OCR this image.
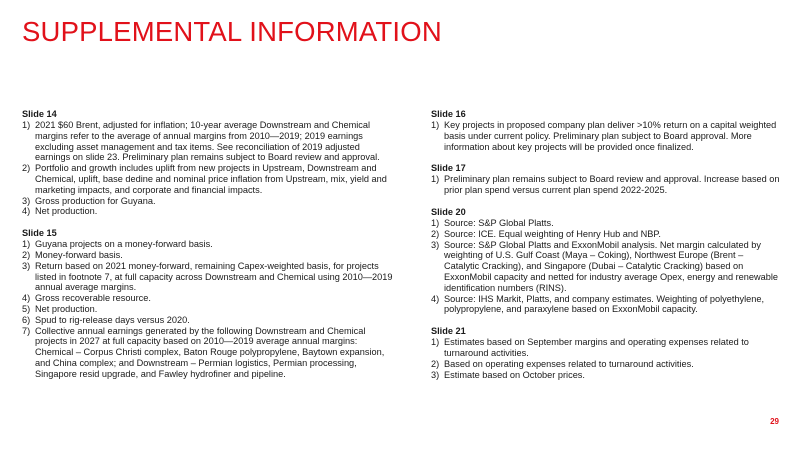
SUPPLEMENTAL INFORMATION
Slide 14
1) 2021 $60 Brent, adjusted for inflation; 10-year average Downstream and Chemical margins refer to the average of annual margins from 2010—2019; 2019 earnings excluding asset management and tax items. See reconciliation of 2019 adjusted earnings on slide 23. Preliminary plan remains subject to Board review and approval.
2) Portfolio and growth includes uplift from new projects in Upstream, Downstream and Chemical, uplift, base dedine and nominal price inflation from Upstream, mix, yield and marketing impacts, and corporate and financial impacts.
3) Gross production for Guyana.
4) Net production.
Slide 15
1) Guyana projects on a money-forward basis.
2) Money-forward basis.
3) Return based on 2021 money-forward, remaining Capex-weighted basis, for projects listed in footnote 7, at full capacity across Downstream and Chemical using 2010—2019 annual average margins.
4) Gross recoverable resource.
5) Net production.
6) Spud to rig-release days versus 2020.
7) Collective annual earnings generated by the following Downstream and Chemical projects in 2027 at full capacity based on 2010—2019 average annual margins: Chemical – Corpus Christi complex, Baton Rouge polypropylene, Baytown expansion, and China complex; and Downstream – Permian logistics, Permian processing, Singapore resid upgrade, and Fawley hydrofiner and pipeline.
Slide 16
1) Key projects in proposed company plan deliver >10% return on a capital weighted basis under current policy. Preliminary plan subject to Board approval. More information about key projects will be provided once finalized.
Slide 17
1) Preliminary plan remains subject to Board review and approval. Increase based on prior plan spend versus current plan spend 2022-2025.
Slide 20
1) Source: S&P Global Platts.
2) Source: ICE. Equal weighting of Henry Hub and NBP.
3) Source: S&P Global Platts and ExxonMobil analysis. Net margin calculated by weighting of U.S. Gulf Coast (Maya – Coking), Northwest Europe (Brent – Catalytic Cracking), and Singapore (Dubai – Catalytic Cracking) based on ExxonMobil capacity and netted for industry average Opex, energy and renewable identification numbers (RINS).
4) Source: IHS Markit, Platts, and company estimates. Weighting of polyethylene, polypropylene, and paraxylene based on ExxonMobil capacity.
Slide 21
1) Estimates based on September margins and operating expenses related to turnaround activities.
2) Based on operating expenses related to turnaround activities.
3) Estimate based on October prices.
29
